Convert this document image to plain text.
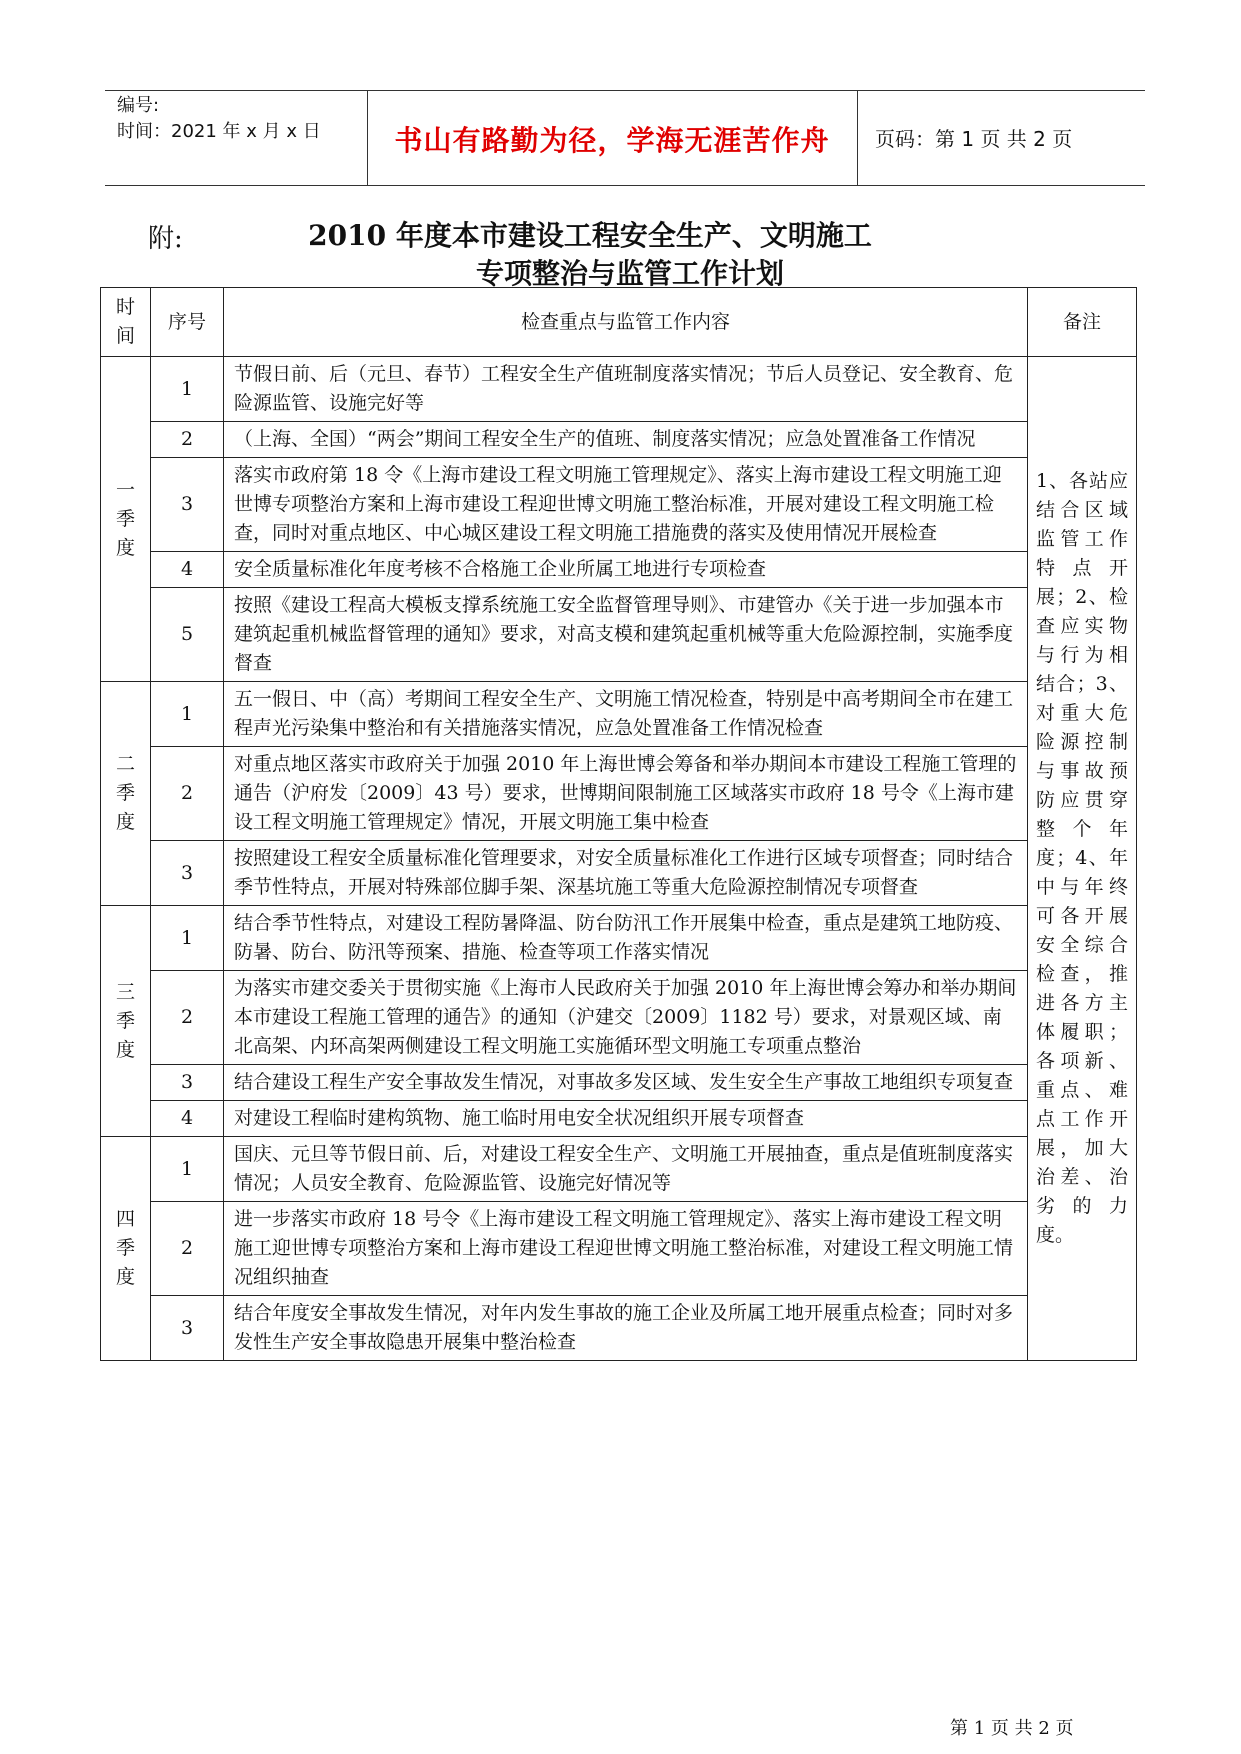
编号:
时间：2021 年 x 月 x 日	书山有路勤为径，学海无涯苦作舟	页码：第 1 页 共 2 页
附:	2010 年度本市建设工程安全生产、文明施工
专项整治与监管工作计划
时间	序号	检查重点与监管工作内容	备注
一季度	1	节假日前、后（元旦、春节）工程安全生产值班制度落实情况；节后人员登记、安全教育、危险源监管、设施完好等	1、各站应结合区域监管工作特点开展；2、检查应实物与行为相结合；3、对重大危险源控制与事故预防应贯穿整个年度；4、年中与年终可各开展安全综合检查，推进各方主体履职；各项新、重点、难点工作开展，加大治差、治劣的力度。
	2	（上海、全国）“两会”期间工程安全生产的值班、制度落实情况；应急处置准备工作情况	
	3	落实市政府第 18 令《上海市建设工程文明施工管理规定》、落实上海市建设工程文明施工迎世博专项整治方案和上海市建设工程迎世博文明施工整治标准，开展对建设工程文明施工检查，同时对重点地区、中心城区建设工程文明施工措施费的落实及使用情况开展检查	
	4	安全质量标准化年度考核不合格施工企业所属工地进行专项检查	
	5	按照《建设工程高大模板支撑系统施工安全监督管理导则》、市建管办《关于进一步加强本市建筑起重机械监督管理的通知》要求，对高支模和建筑起重机械等重大危险源控制，实施季度督查	
二季度	1	五一假日、中（高）考期间工程安全生产、文明施工情况检查，特别是中高考期间全市在建工程声光污染集中整治和有关措施落实情况，应急处置准备工作情况检查	
	2	对重点地区落实市政府关于加强 2010 年上海世博会筹备和举办期间本市建设工程施工管理的通告（沪府发〔2009〕43 号）要求，世博期间限制施工区域落实市政府 18 号令《上海市建设工程文明施工管理规定》情况，开展文明施工集中检查	
	3	按照建设工程安全质量标准化管理要求，对安全质量标准化工作进行区域专项督查；同时结合季节性特点，开展对特殊部位脚手架、深基坑施工等重大危险源控制情况专项督查	
三季度	1	结合季节性特点，对建设工程防暑降温、防台防汛工作开展集中检查，重点是建筑工地防疫、防暑、防台、防汛等预案、措施、检查等项工作落实情况	
	2	为落实市建交委关于贯彻实施《上海市人民政府关于加强 2010 年上海世博会筹办和举办期间本市建设工程施工管理的通告》的通知（沪建交〔2009〕1182 号）要求，对景观区域、南北高架、内环高架两侧建设工程文明施工实施循环型文明施工专项重点整治	
	3	结合建设工程生产安全事故发生情况，对事故多发区域、发生安全生产事故工地组织专项复查	
	4	对建设工程临时建构筑物、施工临时用电安全状况组织开展专项督查	
四季度	1	国庆、元旦等节假日前、后，对建设工程安全生产、文明施工开展抽查，重点是值班制度落实情况；人员安全教育、危险源监管、设施完好情况等	
	2	进一步落实市政府 18 号令《上海市建设工程文明施工管理规定》、落实上海市建设工程文明施工迎世博专项整治方案和上海市建设工程迎世博文明施工整治标准，对建设工程文明施工情况组织抽查	
	3	结合年度安全事故发生情况，对年内发生事故的施工企业及所属工地开展重点检查；同时对多发性生产安全事故隐患开展集中整治检查	
第 1 页 共 2 页
